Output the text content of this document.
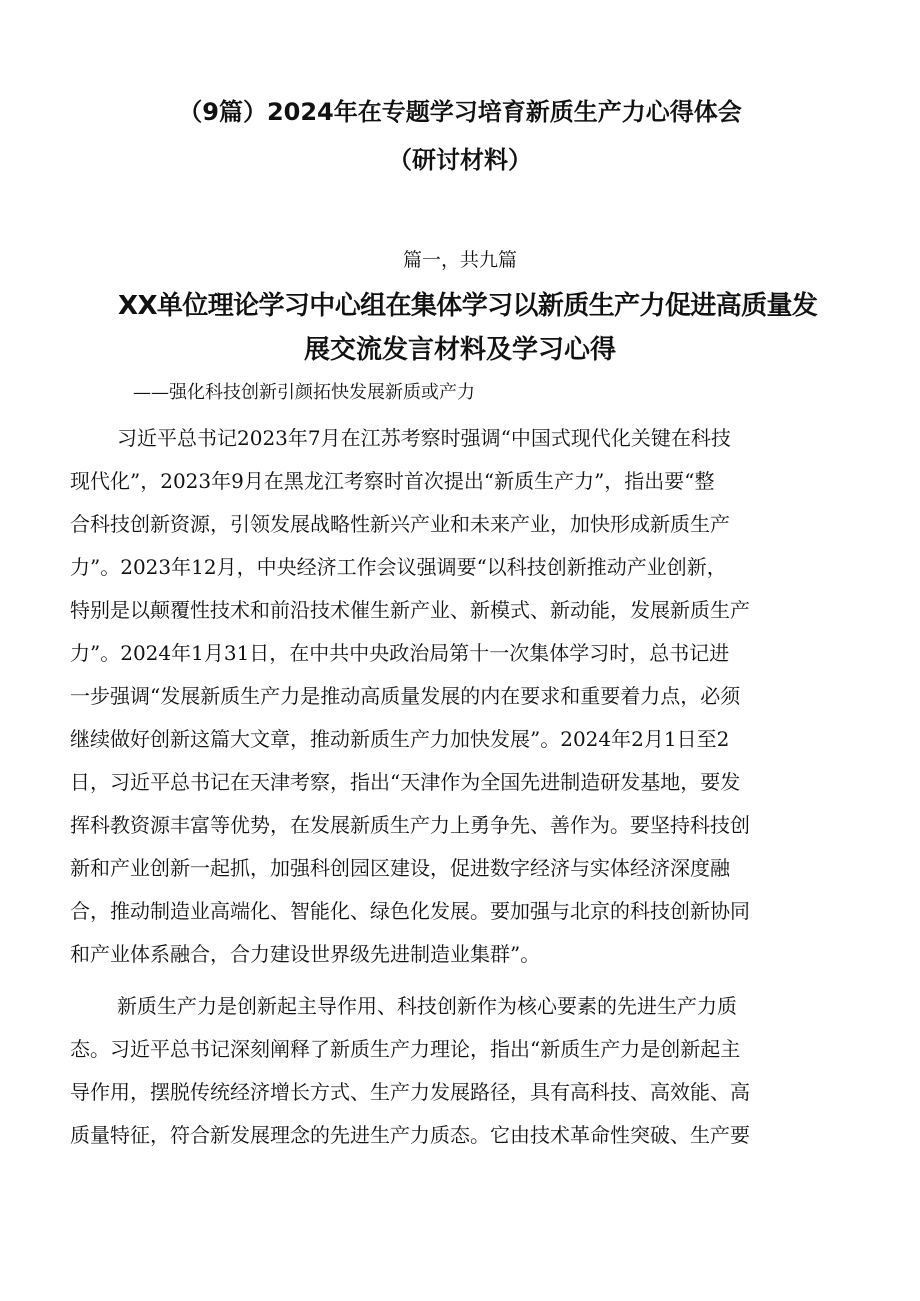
（9篇）2024年在专题学习培育新质生产力心得体会
（研讨材料）
篇一，共九篇
XX单位理论学习中心组在集体学习以新质生产力促进高质量发
展交流发言材料及学习心得
——强化科技创新引颜拓快发展新质或产力
习近平总书记2023年7月在江苏考察时强调“中国式现代化关键在科技
现代化”，2023年9月在黑龙江考察时首次提出“新质生产力”，指出要“整
合科技创新资源，引领发展战略性新兴产业和未来产业，加快形成新质生产
力”。2023年12月，中央经济工作会议强调要“以科技创新推动产业创新，
特别是以颠覆性技术和前沿技术催生新产业、新模式、新动能，发展新质生产
力”。2024年1月31日，在中共中央政治局第十一次集体学习时，总书记进
一步强调“发展新质生产力是推动高质量发展的内在要求和重要着力点，必须
继续做好创新这篇大文章，推动新质生产力加快发展”。2024年2月1日至2
日，习近平总书记在天津考察，指出“天津作为全国先进制造研发基地，要发
挥科教资源丰富等优势，在发展新质生产力上勇争先、善作为。要坚持科技创
新和产业创新一起抓，加强科创园区建设，促进数字经济与实体经济深度融
合，推动制造业高端化、智能化、绿色化发展。要加强与北京的科技创新协同
和产业体系融合，合力建设世界级先进制造业集群”。
新质生产力是创新起主导作用、科技创新作为核心要素的先进生产力质
态。习近平总书记深刻阐释了新质生产力理论，指出“新质生产力是创新起主
导作用，摆脱传统经济增长方式、生产力发展路径，具有高科技、高效能、高
质量特征，符合新发展理念的先进生产力质态。它由技术革命性突破、生产要
